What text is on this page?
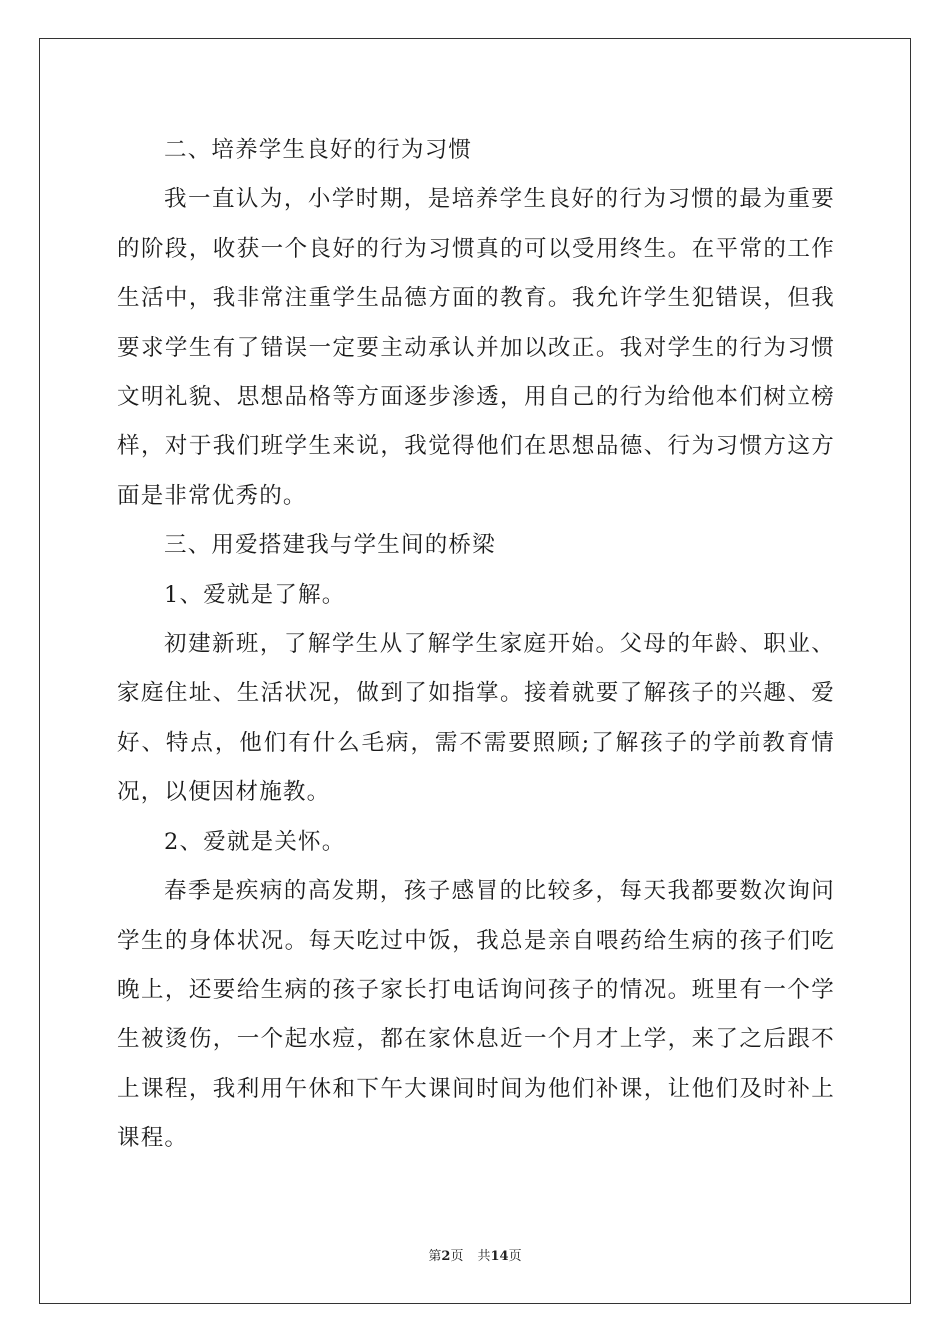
二、培养学生良好的行为习惯

我一直认为，小学时期，是培养学生良好的行为习惯的最为重要的阶段，收获一个良好的行为习惯真的可以受用终生。在平常的工作生活中，我非常注重学生品德方面的教育。我允许学生犯错误，但我要求学生有了错误一定要主动承认并加以改正。我对学生的行为习惯文明礼貌、思想品格等方面逐步渗透，用自己的行为给他本们树立榜样，对于我们班学生来说，我觉得他们在思想品德、行为习惯方这方面是非常优秀的。

三、用爱搭建我与学生间的桥梁

1、爱就是了解。

初建新班，了解学生从了解学生家庭开始。父母的年龄、职业、家庭住址、生活状况，做到了如指掌。接着就要了解孩子的兴趣、爱好、特点，他们有什么毛病，需不需要照顾;了解孩子的学前教育情况，以便因材施教。

2、爱就是关怀。

春季是疾病的高发期，孩子感冒的比较多，每天我都要数次询问学生的身体状况。每天吃过中饭，我总是亲自喂药给生病的孩子们吃晚上，还要给生病的孩子家长打电话询问孩子的情况。班里有一个学生被烫伤，一个起水痘，都在家休息近一个月才上学，来了之后跟不上课程，我利用午休和下午大课间时间为他们补课，让他们及时补上课程。

第2页 共14页
